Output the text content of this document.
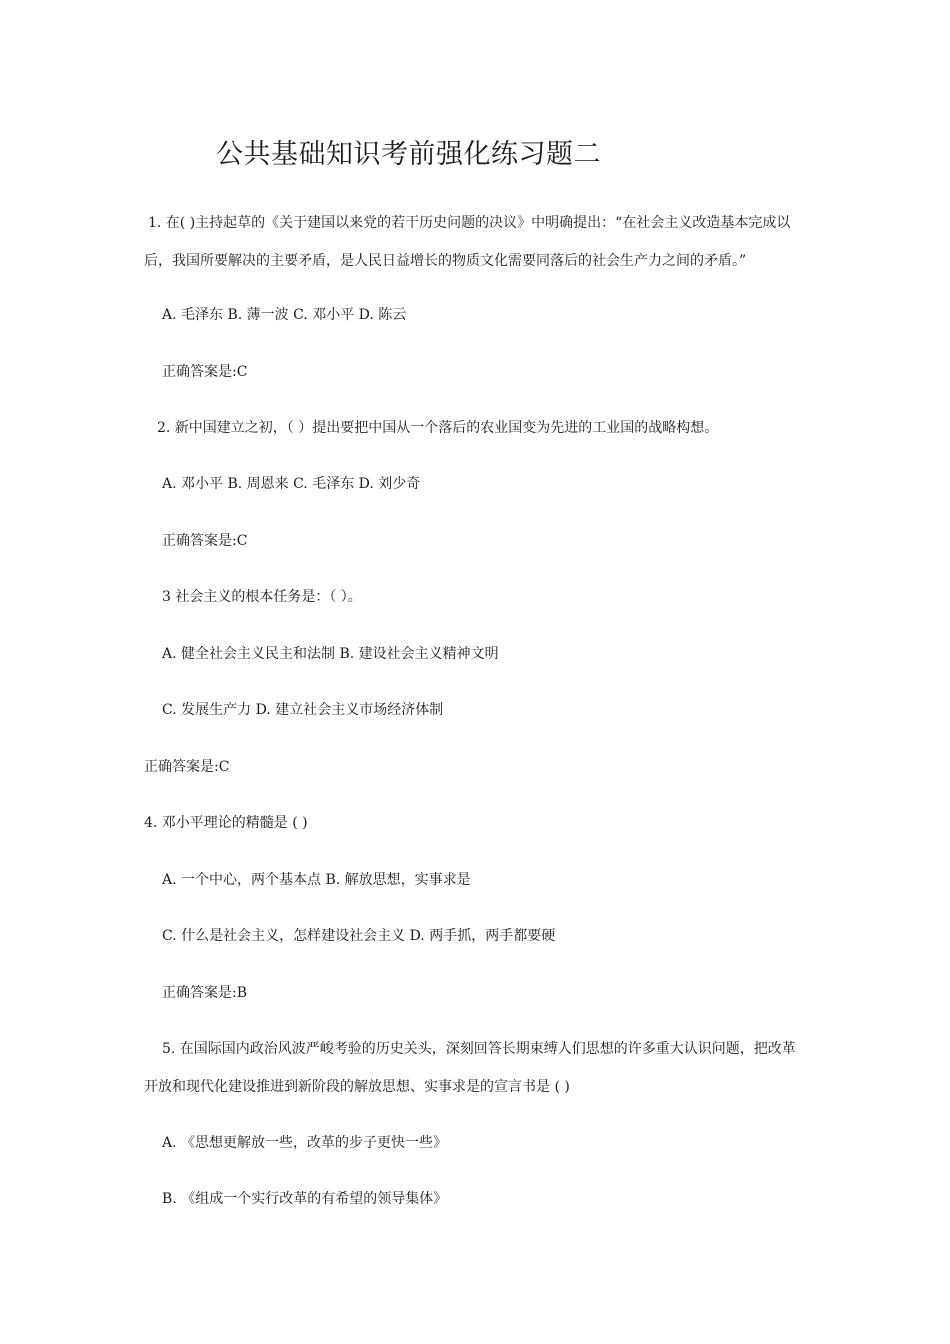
公共基础知识考前强化练习题二
1. 在( )主持起草的《关于建国以来党的若干历史问题的决议》中明确提出：“在社会主义改造基本完成以
后，我国所要解决的主要矛盾，是人民日益增长的物质文化需要同落后的社会生产力之间的矛盾。”
A. 毛泽东 B. 薄一波 C. 邓小平 D. 陈云
正确答案是:C
2. 新中国建立之初，（ ）提出要把中国从一个落后的农业国变为先进的工业国的战略构想。
A. 邓小平 B. 周恩来 C. 毛泽东 D. 刘少奇
正确答案是:C
3 社会主义的根本任务是：（ ）。
A. 健全社会主义民主和法制 B. 建设社会主义精神文明
C. 发展生产力 D. 建立社会主义市场经济体制
正确答案是:C
4. 邓小平理论的精髓是 ( )
A. 一个中心，两个基本点 B. 解放思想，实事求是
C. 什么是社会主义，怎样建设社会主义 D. 两手抓，两手都要硬
正确答案是:B
5. 在国际国内政治风波严峻考验的历史关头，深刻回答长期束缚人们思想的许多重大认识问题，把改革
开放和现代化建设推进到新阶段的解放思想、实事求是的宣言书是 ( )
A. 《思想更解放一些，改革的步子更快一些》
B. 《组成一个实行改革的有希望的领导集体》
